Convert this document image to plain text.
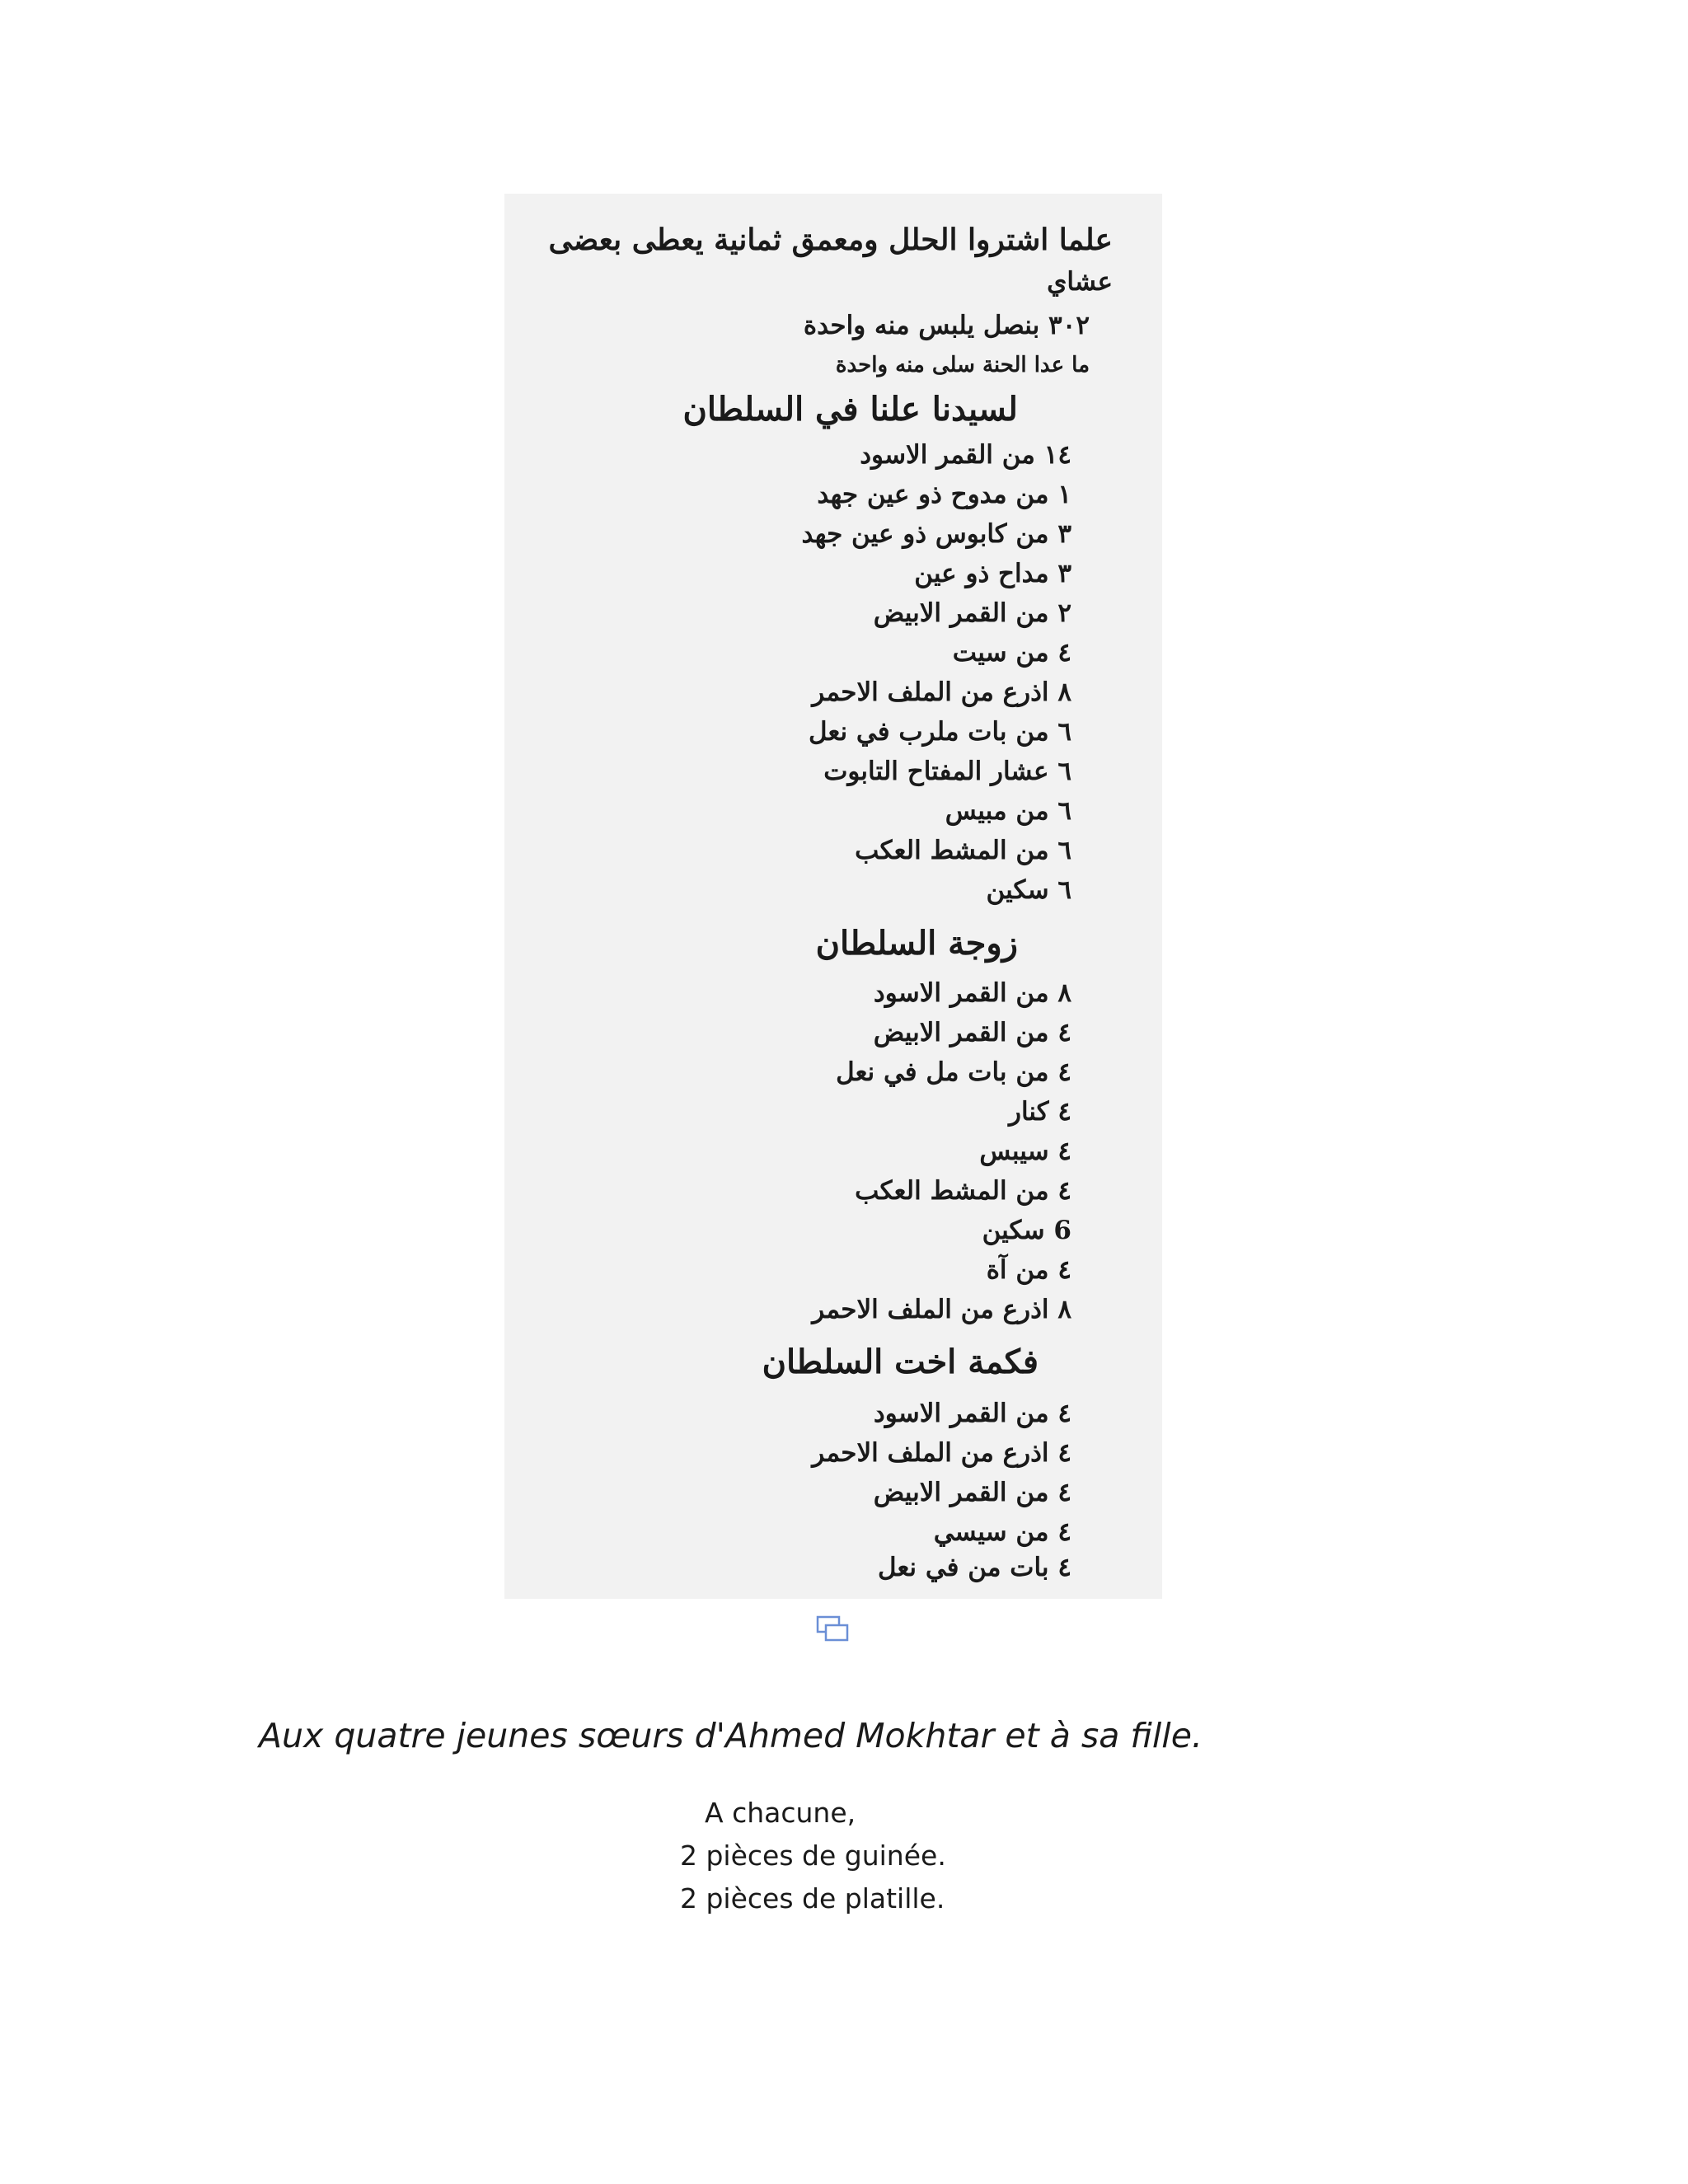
علما اشتروا الحلل ومعمق ثمانية يعطى بعضى
عشاي
٣٠٢ بنصل يلبس منه واحدة
ما عدا الحنة سلى منه واحدة
لسيدنا علنا في السلطان
١٤ من القمر الاسود
١ من مدوح ذو عين جهد
٣ من كابوس ذو عين جهد
٣ مداح ذو عين
٢ من القمر الابيض
٤ من سيت
٨ اذرع من الملف الاحمر
٦ من بات ملرب في نعل
٦ عشار المفتاح التابوت
٦ من مبيس
٦ من المشط العكب
٦ سكين
زوجة السلطان
٨ من القمر الاسود
٤ من القمر الابيض
٤ من بات مل في نعل
٤ كنار
٤ سيبس
٤ من المشط العكب
6 سكين
٤ من آة
٨ اذرع من الملف الاحمر
فكمة اخت السلطان
٤ من القمر الاسود
٤ اذرع من الملف الاحمر
٤ من القمر الابيض
٤ من سيسي
٤ بات من في نعل
Aux quatre jeunes sœurs d'Ahmed Mokhtar et à sa fille.
A chacune,
2 pièces de guinée.
2 pièces de platille.
